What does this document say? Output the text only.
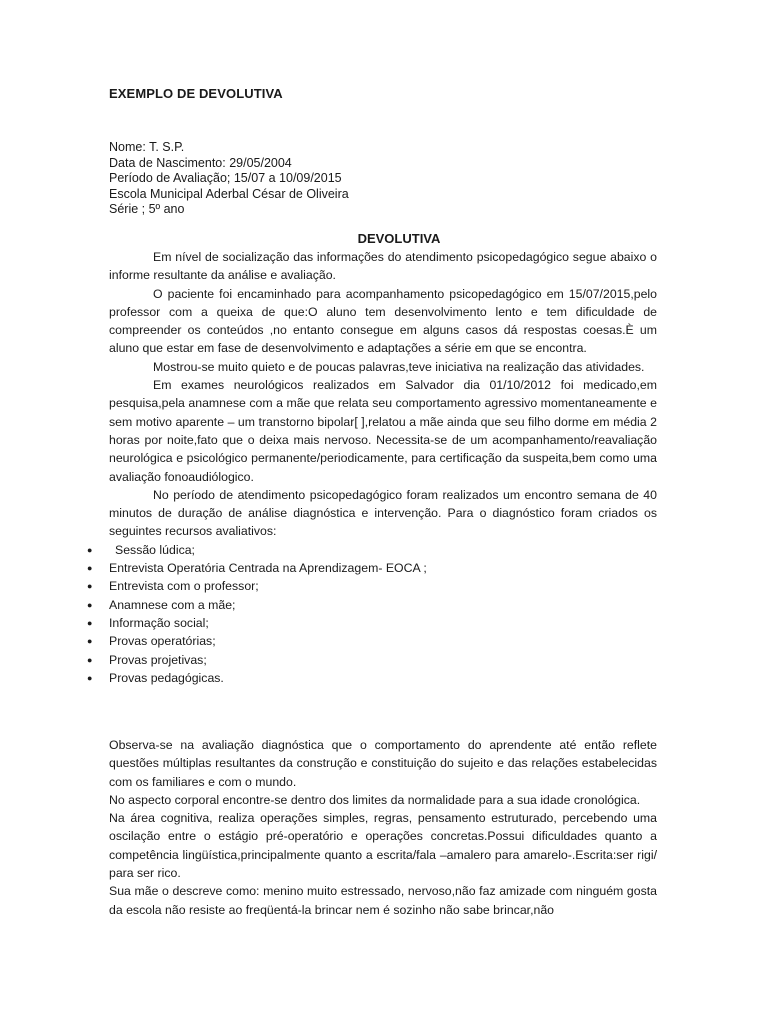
EXEMPLO DE DEVOLUTIVA
Nome: T. S.P.
Data de Nascimento: 29/05/2004
Período de Avaliação; 15/07 a 10/09/2015
Escola Municipal Aderbal César de Oliveira
Série ; 5º ano
DEVOLUTIVA

Em nível de socialização das informações do atendimento psicopedagógico segue abaixo o informe resultante da análise e avaliação.

O paciente foi encaminhado para acompanhamento psicopedagógico em 15/07/2015,pelo professor com a queixa de que:O aluno tem desenvolvimento lento e tem dificuldade de compreender os conteúdos ,no entanto consegue em alguns casos dá respostas coesas.È um aluno que estar em fase de desenvolvimento e adaptações a série em que se encontra.

Mostrou-se muito quieto e de poucas palavras,teve iniciativa na realização das atividades.

Em exames neurológicos realizados em Salvador dia 01/10/2012 foi medicado,em pesquisa,pela anamnese com a mãe que relata seu comportamento agressivo momentaneamente e sem motivo aparente – um transtorno bipolar[ ],relatou a mãe ainda que seu filho dorme em média 2 horas por noite,fato que o deixa mais nervoso. Necessita-se de um acompanhamento/reavaliação neurológica e psicológico permanente/periodicamente, para certificação da suspeita,bem como uma avaliação fonoaudiólogico.

No período de atendimento psicopedagógico foram realizados um encontro semana de 40 minutos de duração de análise diagnóstica e intervenção. Para o diagnóstico foram criados os seguintes recursos avaliativos:

● Sessão lúdica;
● Entrevista Operatória Centrada na Aprendizagem- EOCA ;
● Entrevista com o professor;
● Anamnese com a mãe;
● Informação social;
● Provas operatórias;
● Provas projetivas;
● Provas pedagógicas.

Observa-se na avaliação diagnóstica que o comportamento do aprendente até então reflete questões múltiplas resultantes da construção e constituição do sujeito e das relações estabelecidas com os familiares e com o mundo.

No aspecto corporal encontre-se dentro dos limites da normalidade para a sua idade cronológica.

Na área cognitiva, realiza operações simples, regras, pensamento estruturado, percebendo uma oscilação entre o estágio pré-operatório e operações concretas.Possui dificuldades quanto a competência lingüística,principalmente quanto a escrita/fala –amalero para amarelo-.Escrita:ser rigi/ para ser rico.

Sua mãe o descreve como: menino muito estressado, nervoso,não faz amizade com ninguém gosta da escola não resiste ao freqüentá-la brincar nem é sozinho não sabe brincar,não
